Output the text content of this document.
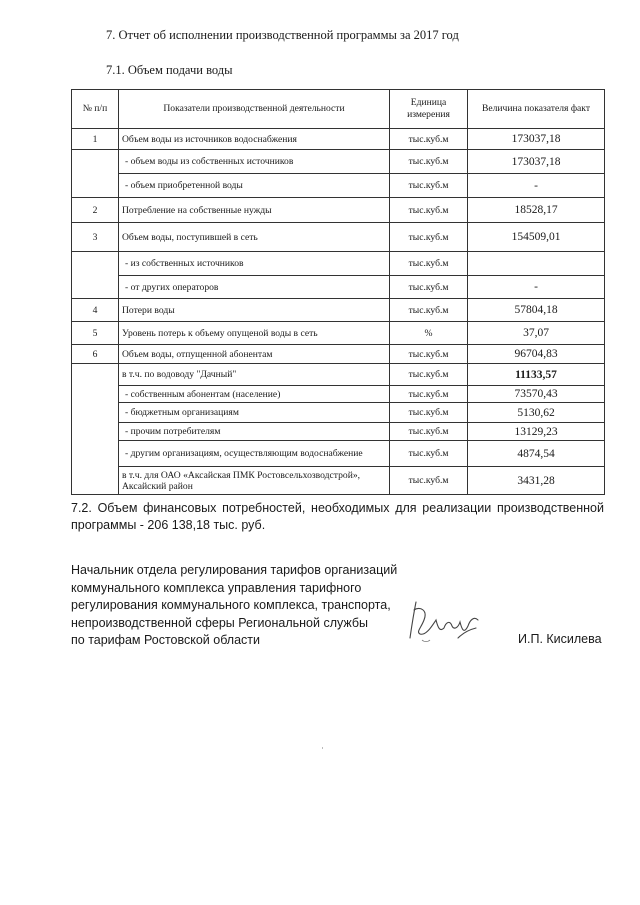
7. Отчет об исполнении производственной программы за 2017 год
7.1. Объем подачи воды
№ п/п	Показатели производственной деятельности	Единица измерения	Величина показателя факт
1	Объем воды из источников водоснабжения	тыс.куб.м	173037,18
	- объем воды из собственных источников	тыс.куб.м	173037,18
	- объем приобретенной воды	тыс.куб.м	-
2	Потребление на собственные нужды	тыс.куб.м	18528,17
3	Объем воды, поступившей в сеть	тыс.куб.м	154509,01
	- из собственных источников	тыс.куб.м	
	- от других операторов	тыс.куб.м	-
4	Потери воды	тыс.куб.м	57804,18
5	Уровень потерь к объему опущеной воды в сеть	%	37,07
6	Объем воды, отпущенной абонентам	тыс.куб.м	96704,83
	в т.ч. по водоводу "Дачный"	тыс.куб.м	11133,57
	- собственным абонентам (население)	тыс.куб.м	73570,43
	- бюджетным организациям	тыс.куб.м	5130,62
	- прочим потребителям	тыс.куб.м	13129,23
	- другим организациям, осуществляющим водоснабжение	тыс.куб.м	4874,54
	в т.ч. для ОАО «Аксайская ПМК Ростовсельхозводстрой», Аксайский район	тыс.куб.м	3431,28
7.2. Объем финансовых потребностей, необходимых для реализации производственной программы - 206 138,18 тыс. руб.
Начальник отдела регулирования тарифов организаций
коммунального комплекса управления тарифного
регулирования коммунального комплекса, транспорта,
непроизводственной сферы Региональной службы
по тарифам Ростовской области	И.П. Кисилева
